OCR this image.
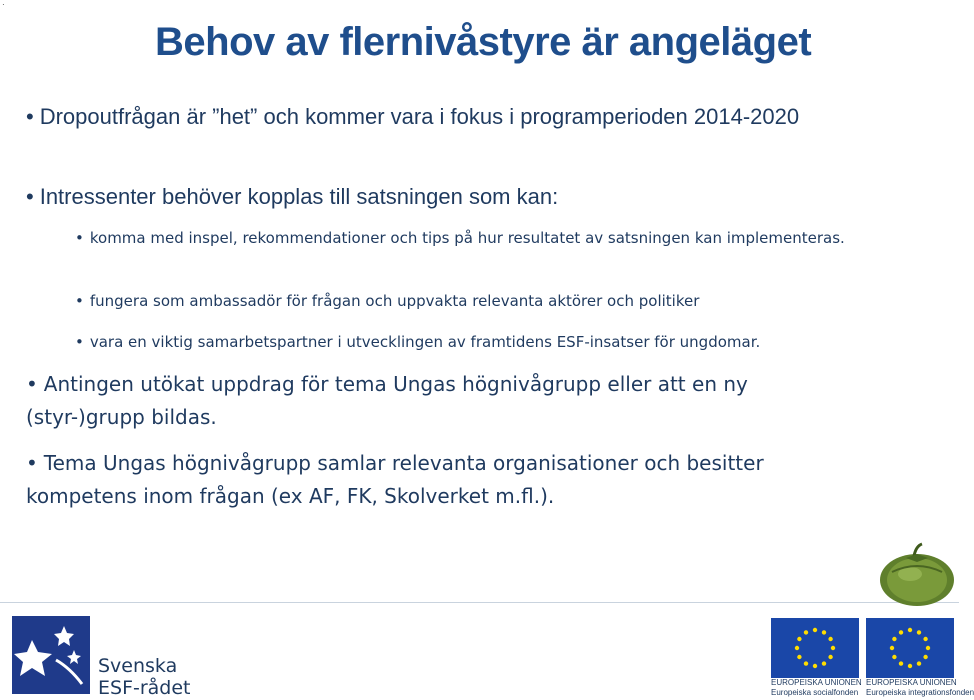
·
Behov av flernivåstyre är angeläget
• Dropoutfrågan är ”het” och kommer vara i fokus i programperioden 2014-2020
• Intressenter behöver kopplas till satsningen som kan:
• komma med inspel, rekommendationer och tips på hur resultatet av satsningen kan implementeras.
• fungera som ambassadör för frågan och uppvakta relevanta aktörer och politiker
• vara en viktig samarbetspartner i utvecklingen av framtidens ESF-insatser för ungdomar.
• Antingen utökat uppdrag för tema Ungas högnivågrupp eller att en ny (styr-)grupp bildas.
• Tema Ungas högnivågrupp samlar relevanta organisationer och besitter kompetens inom frågan (ex AF, FK, Skolverket m.fl.).
Svenska
ESF-rådet	EUROPEISKA UNIONEN
Europeiska socialfonden
EUROPEISKA UNIONEN
Europeiska integrationsfonden
